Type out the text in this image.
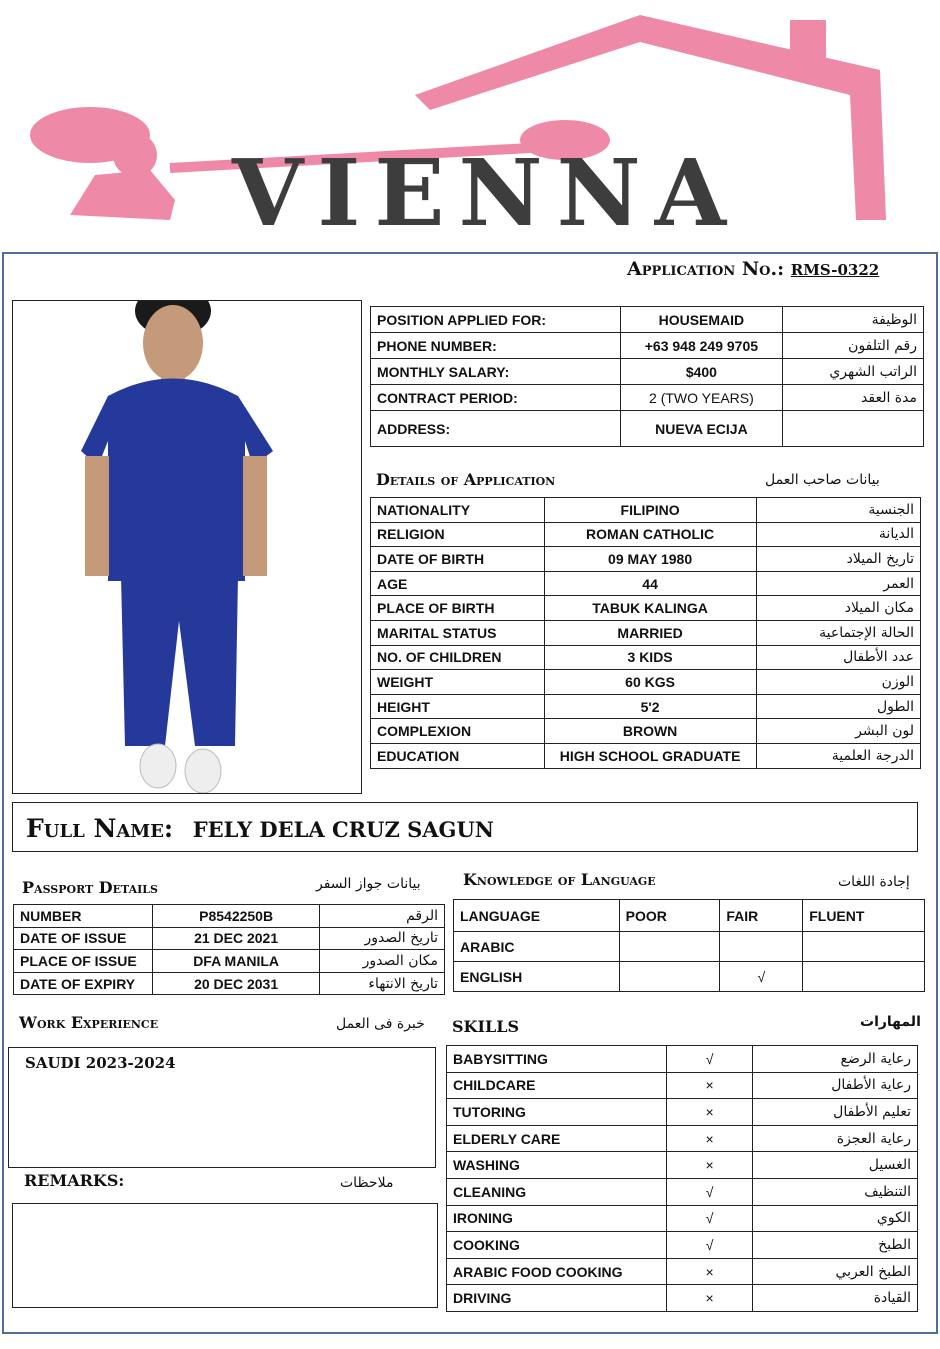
VIENNA
Application No.: RMS-0322
POSITION APPLIED FOR:	HOUSEMAID	الوظيفة
PHONE NUMBER:	+63 948 249 9705	رقم التلفون
MONTHLY SALARY:	$400	الراتب الشهري
CONTRACT PERIOD:	2 (TWO YEARS)	مدة العقد
ADDRESS:	NUEVA ECIJA	
Details of Application	بيانات صاحب العمل
NATIONALITY	FILIPINO	الجنسية
RELIGION	ROMAN CATHOLIC	الديانة
DATE OF BIRTH	09 MAY 1980	تاريخ الميلاد
AGE	44	العمر
PLACE OF BIRTH	TABUK KALINGA	مكان الميلاد
MARITAL STATUS	MARRIED	الحالة الإجتماعية
NO. OF CHILDREN	3 KIDS	عدد الأطفال
WEIGHT	60 KGS	الوزن
HEIGHT	5'2	الطول
COMPLEXION	BROWN	لون البشر
EDUCATION	HIGH SCHOOL GRADUATE	الدرجة العلمية
Full Name: FELY DELA CRUZ SAGUN
Passport Details	بيانات جواز السفر
NUMBER	P8542250B	الرقم
DATE OF ISSUE	21 DEC 2021	تاريخ الصدور
PLACE OF ISSUE	DFA MANILA	مكان الصدور
DATE OF EXPIRY	20 DEC 2031	تاريخ الانتهاء
Knowledge of Language	إجادة اللغات
LANGUAGE	POOR	FAIR	FLUENT
ARABIC			
ENGLISH		√	
Work Experience	خبرة فى العمل
SAUDI 2023-2024
REMARKS:	ملاحظات
SKILLS	المهارات
BABYSITTING	√	رعاية الرضع
CHILDCARE	×	رعاية الأطفال
TUTORING	×	تعليم الأطفال
ELDERLY CARE	×	رعاية العجزة
WASHING	×	الغسيل
CLEANING	√	التنظيف
IRONING	√	الكوي
COOKING	√	الطبخ
ARABIC FOOD COOKING	×	الطبخ العربي
DRIVING	×	القيادة
